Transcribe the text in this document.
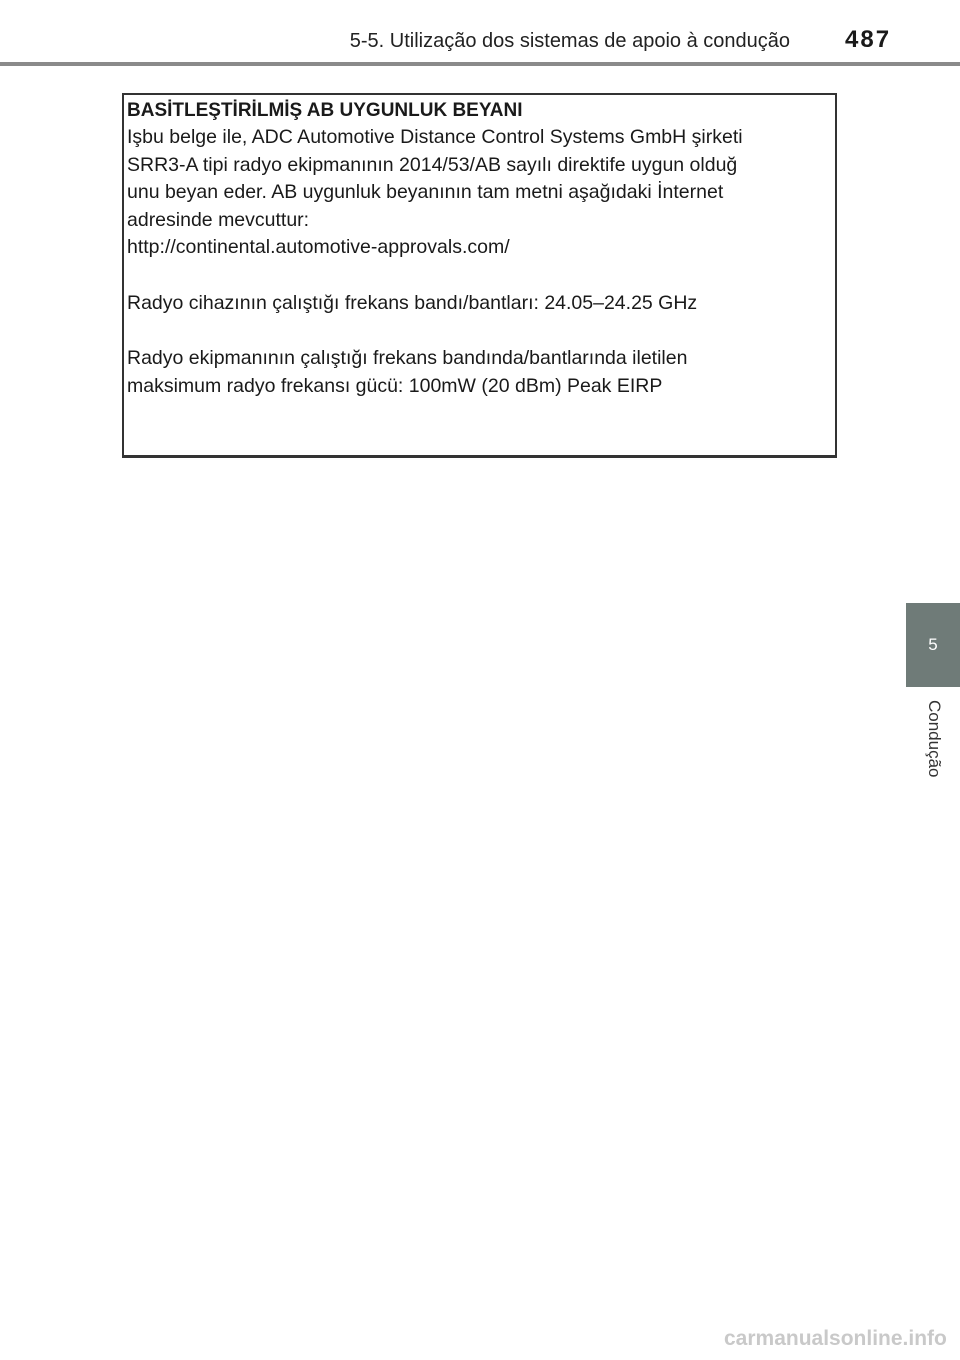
5-5. Utilização dos sistemas de apoio à condução 487
BASİTLEŞTİRİLMİŞ AB UYGUNLUK BEYANI
Işbu belge ile, ADC Automotive Distance Control Systems GmbH şirketi
SRR3-A tipi radyo ekipmanının 2014/53/AB sayılı direktife uygun olduğ
unu beyan eder. AB uygunluk beyanının tam metni aşağıdaki İnternet
adresinde mevcuttur:
http://continental.automotive-approvals.com/
Radyo cihazının çalıştığı frekans bandı/bantları: 24.05–24.25 GHz
Radyo ekipmanının çalıştığı frekans bandında/bantlarında iletilen
maksimum radyo frekansı gücü: 100mW (20 dBm) Peak EIRP
5
Condução
carmanualsonline.info
